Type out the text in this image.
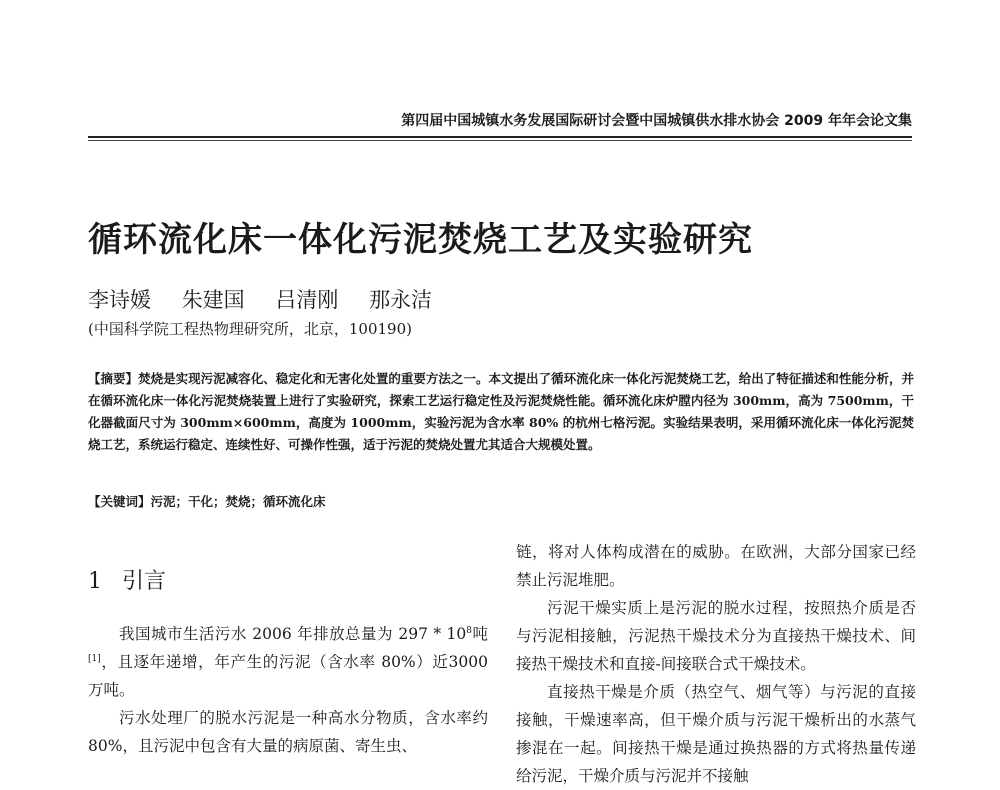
第四届中国城镇水务发展国际研讨会暨中国城镇供水排水协会 2009 年年会论文集
循环流化床一体化污泥焚烧工艺及实验研究
李诗媛 朱建国 吕清刚 那永洁
(中国科学院工程热物理研究所，北京，100190)
【摘要】焚烧是实现污泥减容化、稳定化和无害化处置的重要方法之一。本文提出了循环流化床一体化污泥焚烧工艺，给出了特征描述和性能分析，并在循环流化床一体化污泥焚烧装置上进行了实验研究，探索工艺运行稳定性及污泥焚烧性能。循环流化床炉膛内径为 300mm，高为 7500mm，干化器截面尺寸为 300mm×600mm，高度为 1000mm，实验污泥为含水率 80% 的杭州七格污泥。实验结果表明，采用循环流化床一体化污泥焚烧工艺，系统运行稳定、连续性好、可操作性强，适于污泥的焚烧处置尤其适合大规模处置。
【关键词】污泥；干化；焚烧；循环流化床
1 引言

我国城市生活污水 2006 年排放总量为 $297 * 10^8$吨[1]，且逐年递增，年产生的污泥（含水率 80%）近3000 万吨。

污水处理厂的脱水污泥是一种高水分物质，含水率约 80%，且污泥中包含有大量的病原菌、寄生虫、

链，将对人体构成潜在的威胁。在欧洲，大部分国家已经禁止污泥堆肥。

污泥干燥实质上是污泥的脱水过程，按照热介质是否与污泥相接触，污泥热干燥技术分为直接热干燥技术、间接热干燥技术和直接-间接联合式干燥技术。

直接热干燥是介质（热空气、烟气等）与污泥的直接接触，干燥速率高，但干燥介质与污泥干燥析出的水蒸气掺混在一起。间接热干燥是通过换热器的方式将热量传递给污泥，干燥介质与污泥并不接触
